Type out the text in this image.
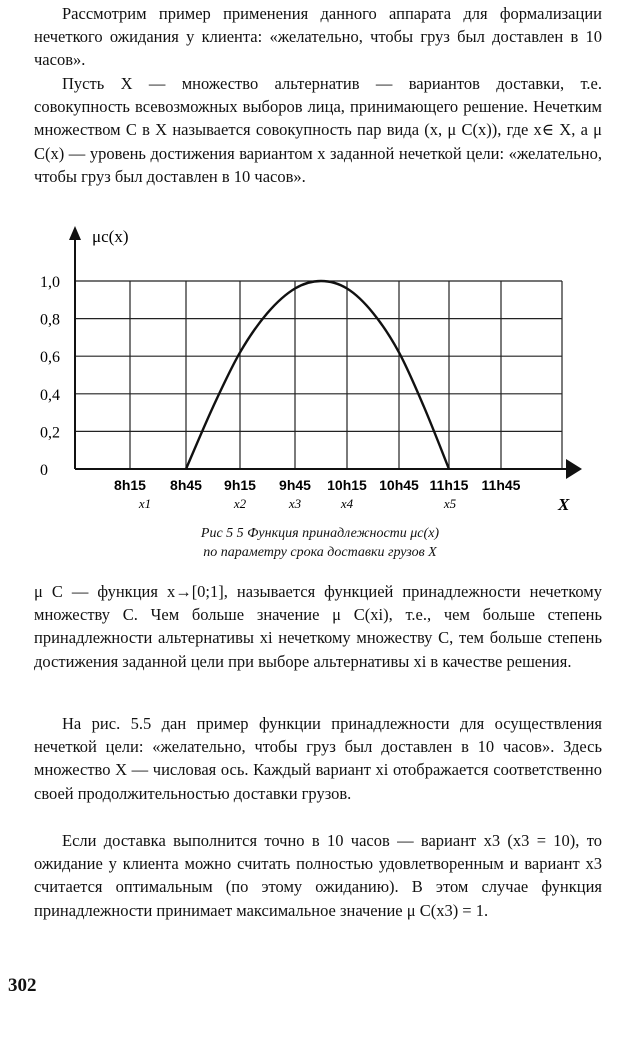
Рассмотрим пример применения данного аппарата для формализации нечеткого ожидания у клиента: «желательно, чтобы груз был доставлен в 10 часов».

Пусть X — множество альтернатив — вариантов доставки, т.е. совокупность всевозможных выборов лица, принимающего решение. Нечетким множеством C в X называется совокупность пар вида (x, μ C(x)), где x∈ X, а μ C(x) — уровень достижения вариантом x заданной нечеткой цели: «желательно, чтобы груз был доставлен в 10 часов».

μc(x)
X
1,0
0,8
0,6
0,4
0,2
0
8h15 8h45 9h15 9h45 10h15 10h45 11h15 11h45
x1	x2	x3	x4	x5
Рис 5 5 Функция принадлежности μc(x)
по параметру срока доставки грузов X

μ C — функция x→[0;1], называется функцией принадлежности нечеткому множеству C. Чем больше значение μ C(xi), т.е., чем больше степень принадлежности альтернативы xi нечеткому множеству C, тем больше степень достижения заданной цели при выборе альтернативы xi в качестве решения.

На рис. 5.5 дан пример функции принадлежности для осуществления нечеткой цели: «желательно, чтобы груз был доставлен в 10 часов». Здесь множество X — числовая ось. Каждый вариант xi отображается соответственно своей продолжительностью доставки грузов.

Если доставка выполнится точно в 10 часов — вариант x3 (x3 = 10), то ожидание у клиента можно считать полностью удовлетворенным и вариант x3 считается оптимальным (по этому ожиданию). В этом случае функция принадлежности принимает максимальное значение μ C(x3) = 1.

302
